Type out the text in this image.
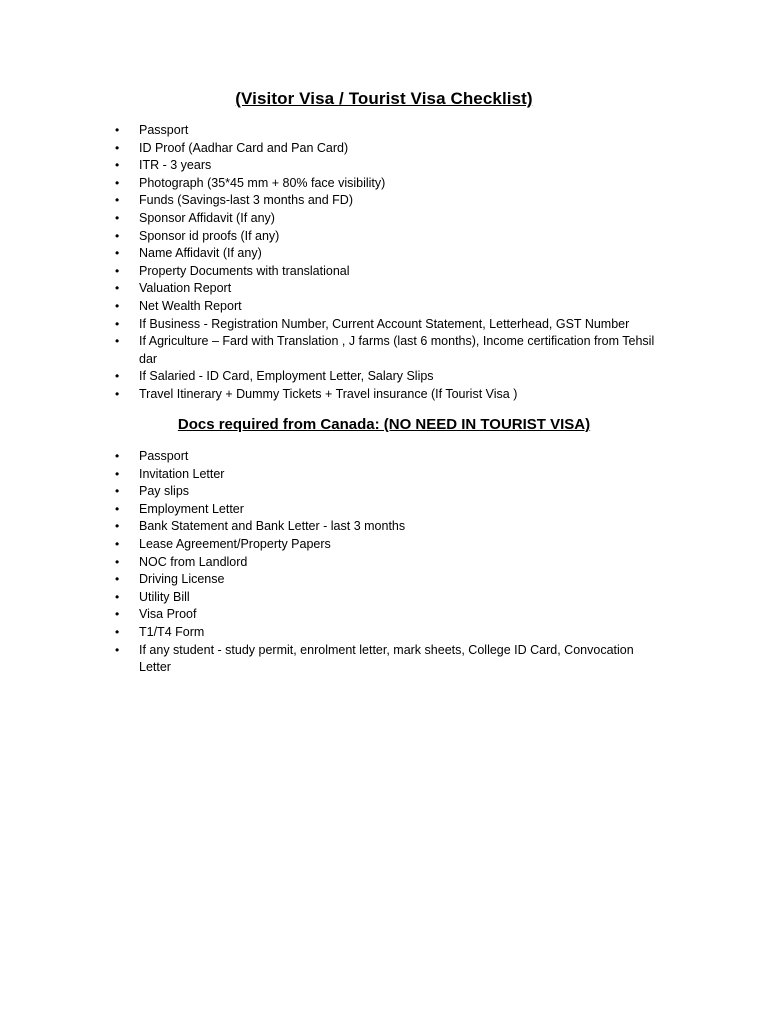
(Visitor Visa / Tourist Visa Checklist)
•	Passport
•	ID Proof (Aadhar Card and Pan Card)
•	ITR - 3 years
•	Photograph (35*45 mm + 80% face visibility)
•	Funds (Savings-last 3 months and FD)
•	Sponsor Affidavit (If any)
•	Sponsor id proofs (If any)
•	Name Affidavit (If any)
•	Property Documents with translational
•	Valuation Report
•	Net Wealth Report
•	If Business - Registration Number, Current Account Statement, Letterhead, GST Number
•	If Agriculture – Fard with Translation , J farms (last 6 months), Income certification from Tehsil dar
•	If Salaried - ID Card, Employment Letter, Salary Slips
•	Travel Itinerary + Dummy Tickets + Travel insurance (If Tourist Visa )
Docs required from Canada: (NO NEED IN TOURIST VISA)
•	Passport
•	Invitation Letter
•	Pay slips
•	Employment Letter
•	Bank Statement and Bank Letter - last 3 months
•	Lease Agreement/Property Papers
•	NOC from Landlord
•	Driving License
•	Utility Bill
•	Visa Proof
•	T1/T4 Form
•	If any student - study permit, enrolment letter, mark sheets, College ID Card, Convocation Letter
